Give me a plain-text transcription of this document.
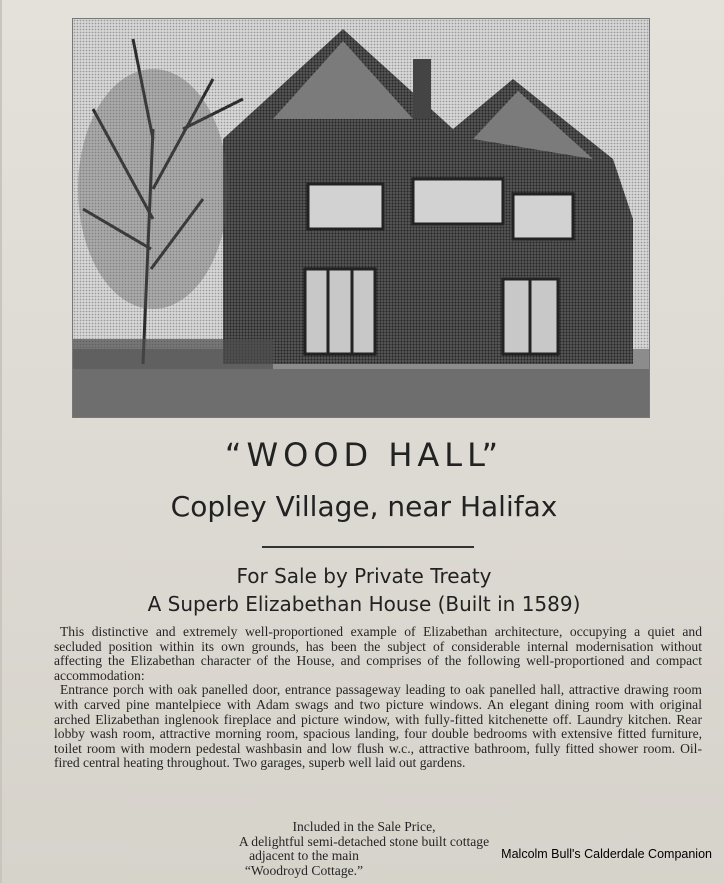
“WOOD HALL”
Copley Village, near Halifax
For Sale by Private Treaty
A Superb Elizabethan House (Built in 1589)

This distinctive and extremely well-proportioned example of Elizabethan architecture, occupying a quiet and secluded position within its own grounds, has been the subject of considerable internal modernisation without affecting the Elizabethan character of the House, and comprises of the following well-proportioned and compact accommodation:

Entrance porch with oak panelled door, entrance passageway leading to oak panelled hall, attractive drawing room with carved pine mantelpiece with Adam swags and two picture windows. An elegant dining room with original arched Elizabethan inglenook fireplace and picture window, with fully-fitted kitchenette off. Laundry kitchen. Rear lobby wash room, attractive morning room, spacious landing, four double bedrooms with extensive fitted furniture, toilet room with modern pedestal washbasin and low flush w.c., attractive bathroom, fully fitted shower room. Oil-fired central heating throughout. Two garages, superb well laid out gardens.

Included in the Sale Price,
A delightful semi-detached stone built cottage
adjacent to the main
“Woodroyd Cottage.”
Malcolm Bull's Calderdale Companion
